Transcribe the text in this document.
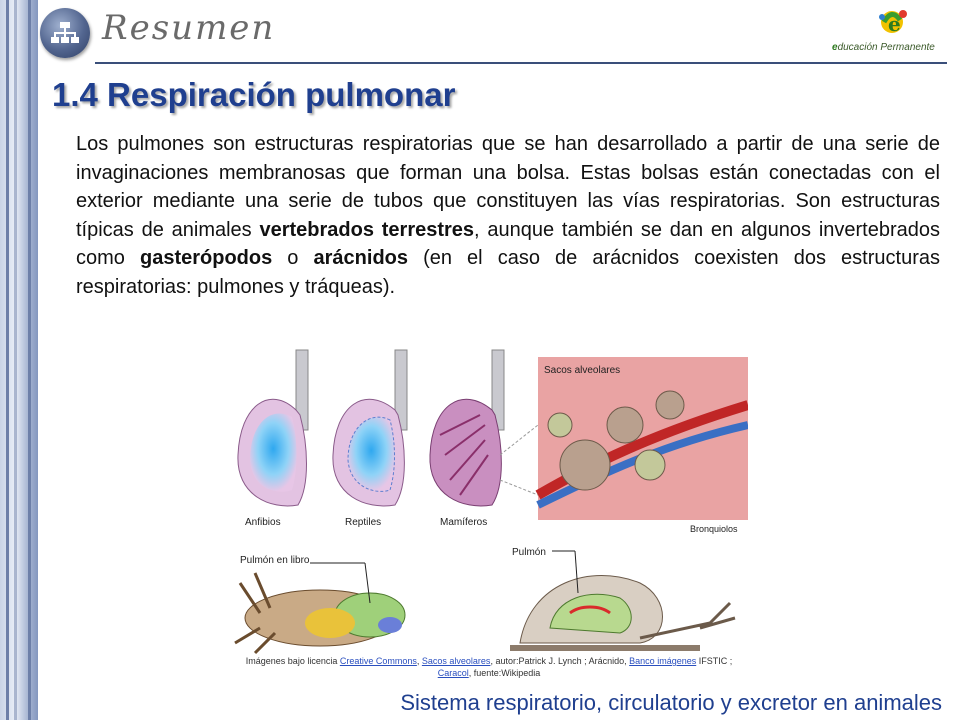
Resumen	e
educación Permanente
1.4 Respiración pulmonar
Los pulmones son estructuras respiratorias que se han desarrollado a partir de una serie de invaginaciones membranosas que forman una bolsa. Estas bolsas están conectadas con el exterior mediante una serie de tubos que constituyen las vías respiratorias. Son estructuras típicas de animales vertebrados terrestres, aunque también se dan en algunos invertebrados como gasterópodos o arácnidos (en el caso de arácnidos coexisten dos estructuras respiratorias: pulmones y tráqueas).
Anfibios	Reptiles	Mamíferos
Sacos alveolares
Bronquiolos
Pulmón en libro
Pulmón
Imágenes bajo licencia Creative Commons, Sacos alveolares, autor:Patrick J. Lynch ; Arácnido, Banco imágenes IFSTIC ; Caracol, fuente:Wikipedia
Sistema respiratorio, circulatorio y excretor en animales
